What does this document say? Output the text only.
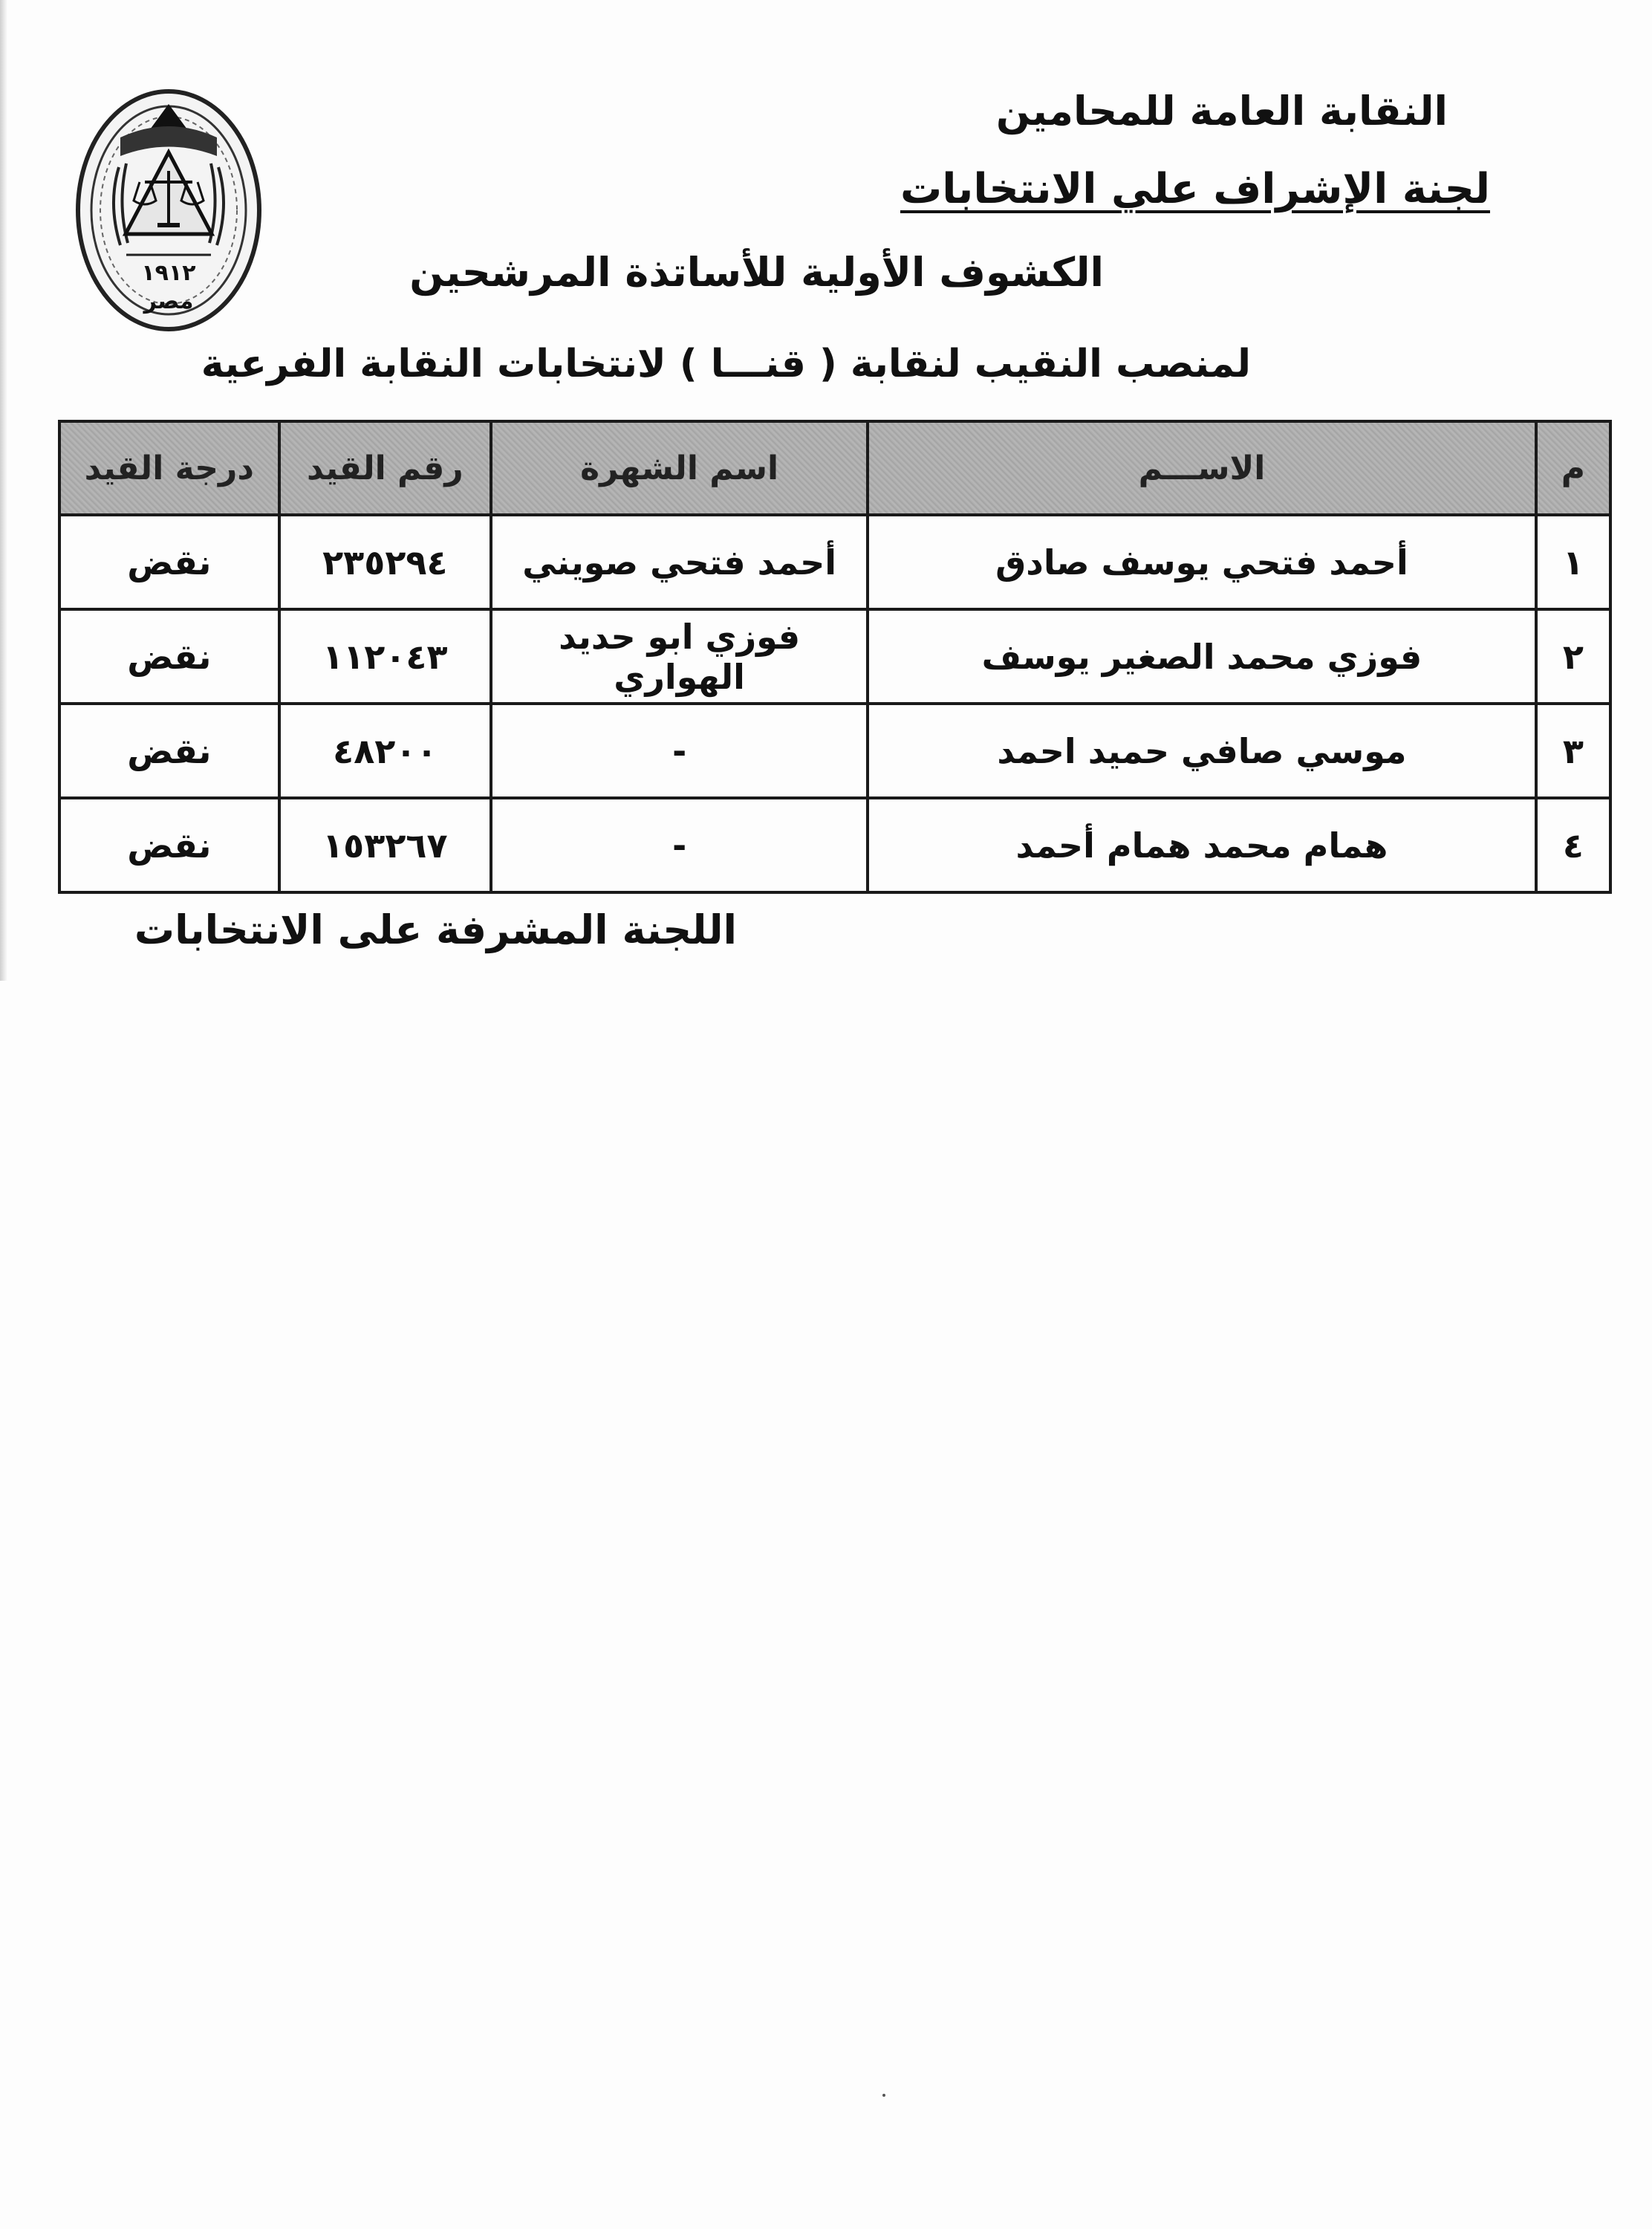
١٩١٢
مصر
النقابة العامة للمحامين
لجنة الإشراف علي الانتخابات
الكشوف الأولية للأساتذة المرشحين
لمنصب النقيب لنقابة ( قنـــا ) لانتخابات النقابة الفرعية
م	الاســـم	اسم الشهرة	رقم القيد	درجة القيد
١	أحمد فتحي يوسف صادق	أحمد فتحي صويني	٢٣٥٢٩٤	نقض
٢	فوزي محمد الصغير يوسف	فوزي ابو حديد الهواري	١١٢٠٤٣	نقض
٣	موسي صافي حميد احمد	-	٤٨٢٠٠	نقض
٤	همام محمد همام أحمد	-	١٥٣٢٦٧	نقض
اللجنة المشرفة على الانتخابات
